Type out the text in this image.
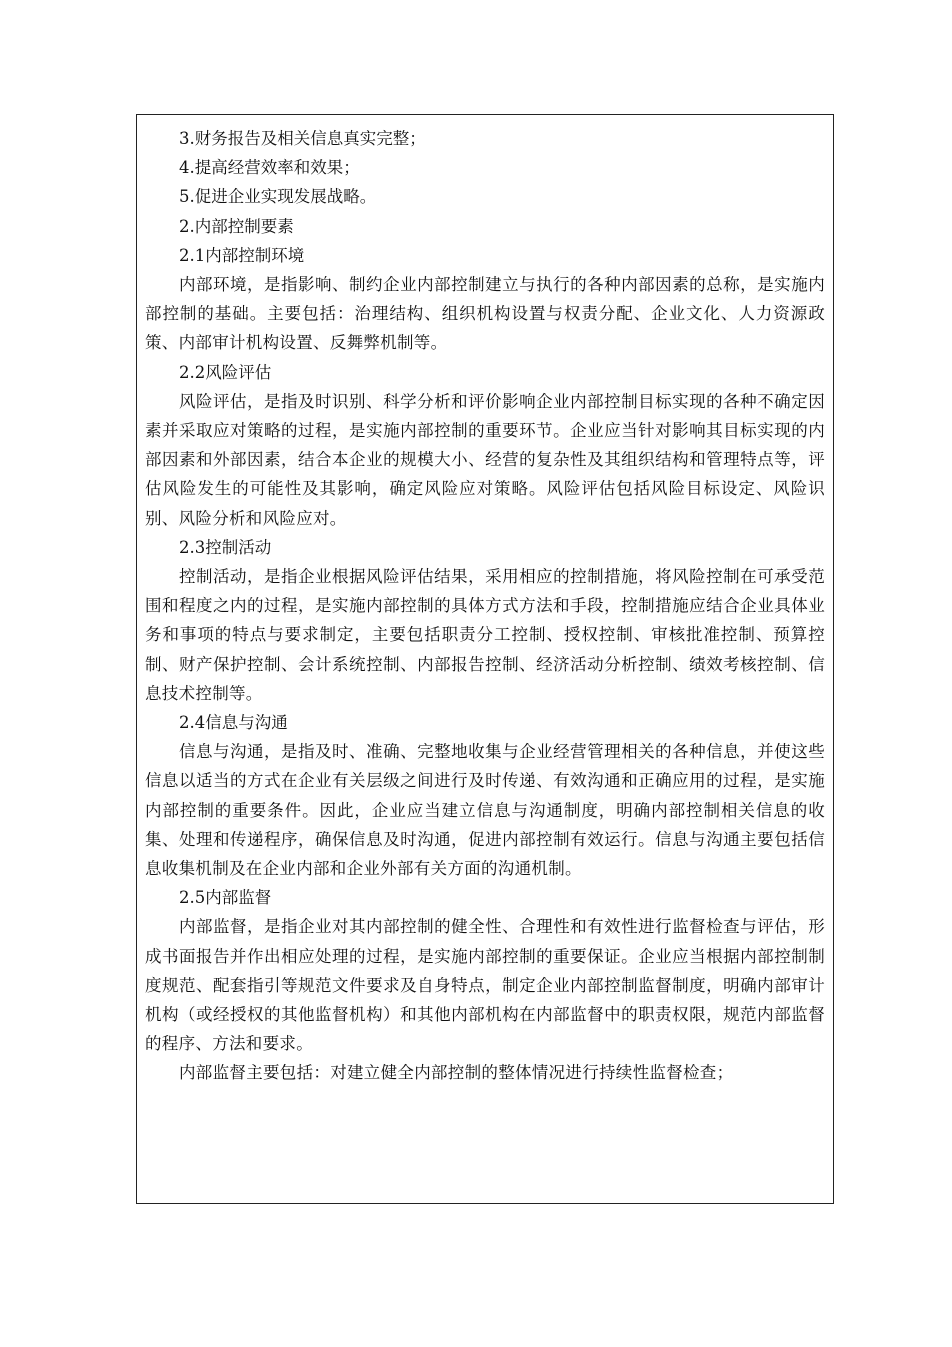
3.财务报告及相关信息真实完整；
4.提高经营效率和效果；
5.促进企业实现发展战略。
2.内部控制要素
2.1内部控制环境

内部环境，是指影响、制约企业内部控制建立与执行的各种内部因素的总称，是实施内部控制的基础。主要包括：治理结构、组织机构设置与权责分配、企业文化、人力资源政策、内部审计机构设置、反舞弊机制等。

2.2风险评估

风险评估，是指及时识别、科学分析和评价影响企业内部控制目标实现的各种不确定因素并采取应对策略的过程，是实施内部控制的重要环节。企业应当针对影响其目标实现的内部因素和外部因素，结合本企业的规模大小、经营的复杂性及其组织结构和管理特点等，评估风险发生的可能性及其影响，确定风险应对策略。风险评估包括风险目标设定、风险识别、风险分析和风险应对。

2.3控制活动

控制活动，是指企业根据风险评估结果，采用相应的控制措施，将风险控制在可承受范围和程度之内的过程，是实施内部控制的具体方式方法和手段，控制措施应结合企业具体业务和事项的特点与要求制定，主要包括职责分工控制、授权控制、审核批准控制、预算控制、财产保护控制、会计系统控制、内部报告控制、经济活动分析控制、绩效考核控制、信息技术控制等。

2.4信息与沟通

信息与沟通，是指及时、准确、完整地收集与企业经营管理相关的各种信息，并使这些信息以适当的方式在企业有关层级之间进行及时传递、有效沟通和正确应用的过程，是实施内部控制的重要条件。因此，企业应当建立信息与沟通制度，明确内部控制相关信息的收集、处理和传递程序，确保信息及时沟通，促进内部控制有效运行。信息与沟通主要包括信息收集机制及在企业内部和企业外部有关方面的沟通机制。

2.5内部监督

内部监督，是指企业对其内部控制的健全性、合理性和有效性进行监督检查与评估，形成书面报告并作出相应处理的过程，是实施内部控制的重要保证。企业应当根据内部控制制度规范、配套指引等规范文件要求及自身特点，制定企业内部控制监督制度，明确内部审计机构（或经授权的其他监督机构）和其他内部机构在内部监督中的职责权限，规范内部监督的程序、方法和要求。

内部监督主要包括：对建立健全内部控制的整体情况进行持续性监督检查；
